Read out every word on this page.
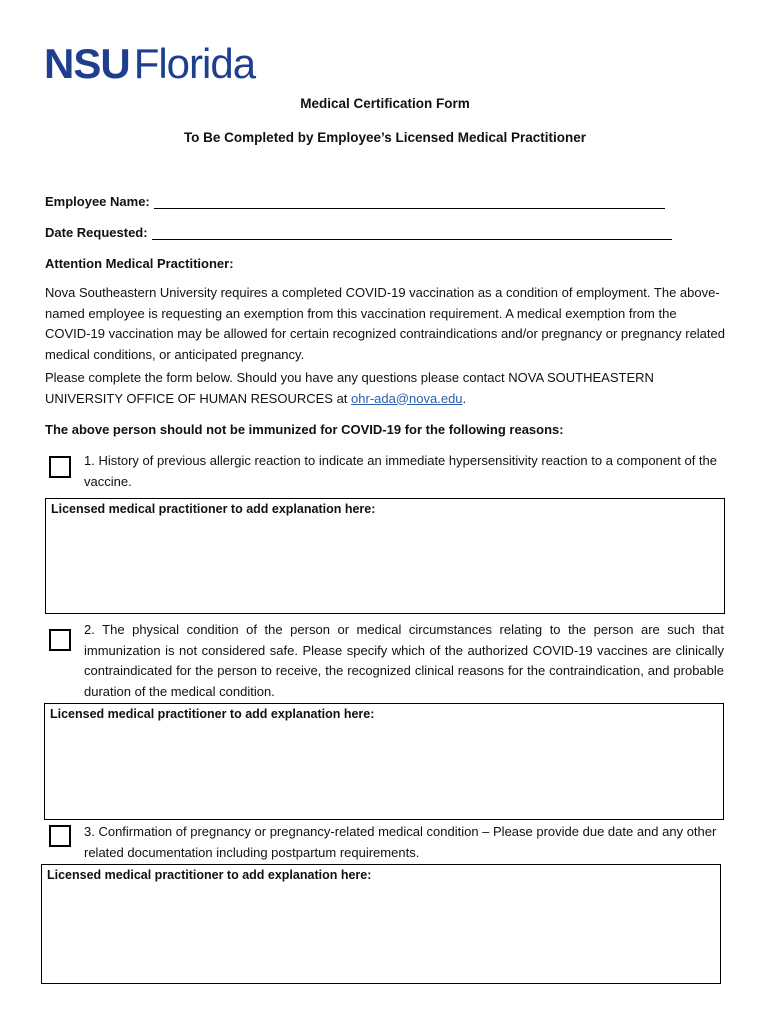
NSU Florida
Medical Certification Form
To Be Completed by Employee’s Licensed Medical Practitioner
Employee Name:
Date Requested:
Attention Medical Practitioner:
Nova Southeastern University requires a completed COVID-19 vaccination as a condition of employment. The above-named employee is requesting an exemption from this vaccination requirement. A medical exemption from the COVID-19 vaccination may be allowed for certain recognized contraindications and/or pregnancy or pregnancy related medical conditions, or anticipated pregnancy.
Please complete the form below. Should you have any questions please contact NOVA SOUTHEASTERN UNIVERSITY OFFICE OF HUMAN RESOURCES at ohr-ada@nova.edu.
The above person should not be immunized for COVID-19 for the following reasons:
1. History of previous allergic reaction to indicate an immediate hypersensitivity reaction to a component of the vaccine.
Licensed medical practitioner to add explanation here:
2. The physical condition of the person or medical circumstances relating to the person are such that immunization is not considered safe. Please specify which of the authorized COVID-19 vaccines are clinically contraindicated for the person to receive, the recognized clinical reasons for the contraindication, and probable duration of the medical condition.
Licensed medical practitioner to add explanation here:
3. Confirmation of pregnancy or pregnancy-related medical condition – Please provide due date and any other related documentation including postpartum requirements.
Licensed medical practitioner to add explanation here:
